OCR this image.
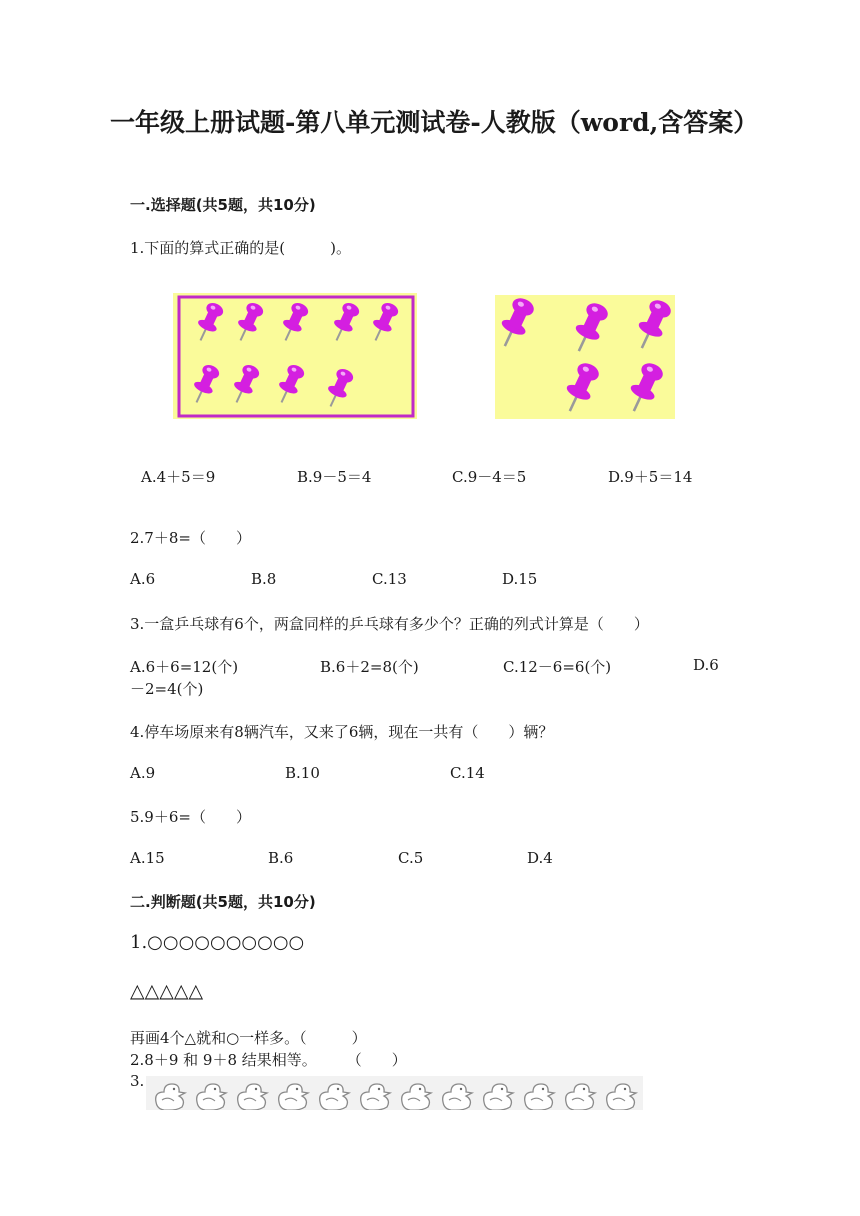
一年级上册试题-第八单元测试卷-人教版（word,含答案）
一.选择题(共5题，共10分)
1.下面的算式正确的是(　　　)。
A.4＋5＝9	B.9－5＝4	C.9－4＝5	D.9＋5＝14
2.7＋8=（　　）
A.6	B.8	C.13	D.15
3.一盒乒乓球有6个，两盒同样的乒乓球有多少个？正确的列式计算是（　　）
A.6＋6=12(个)	B.6＋2=8(个)	C.12－6=6(个)	D.6
－2=4(个)
4.停车场原来有8辆汽车，又来了6辆，现在一共有（　　）辆？
A.9	B.10	C.14
5.9＋6=（　　）
A.15	B.6	C.5	D.4
二.判断题(共5题，共10分)
1.○○○○○○○○○○
△△△△△
再画4个△就和○一样多。（　　　）
2.8＋9 和 9＋8 结果相等。　　　（　　）
3.
